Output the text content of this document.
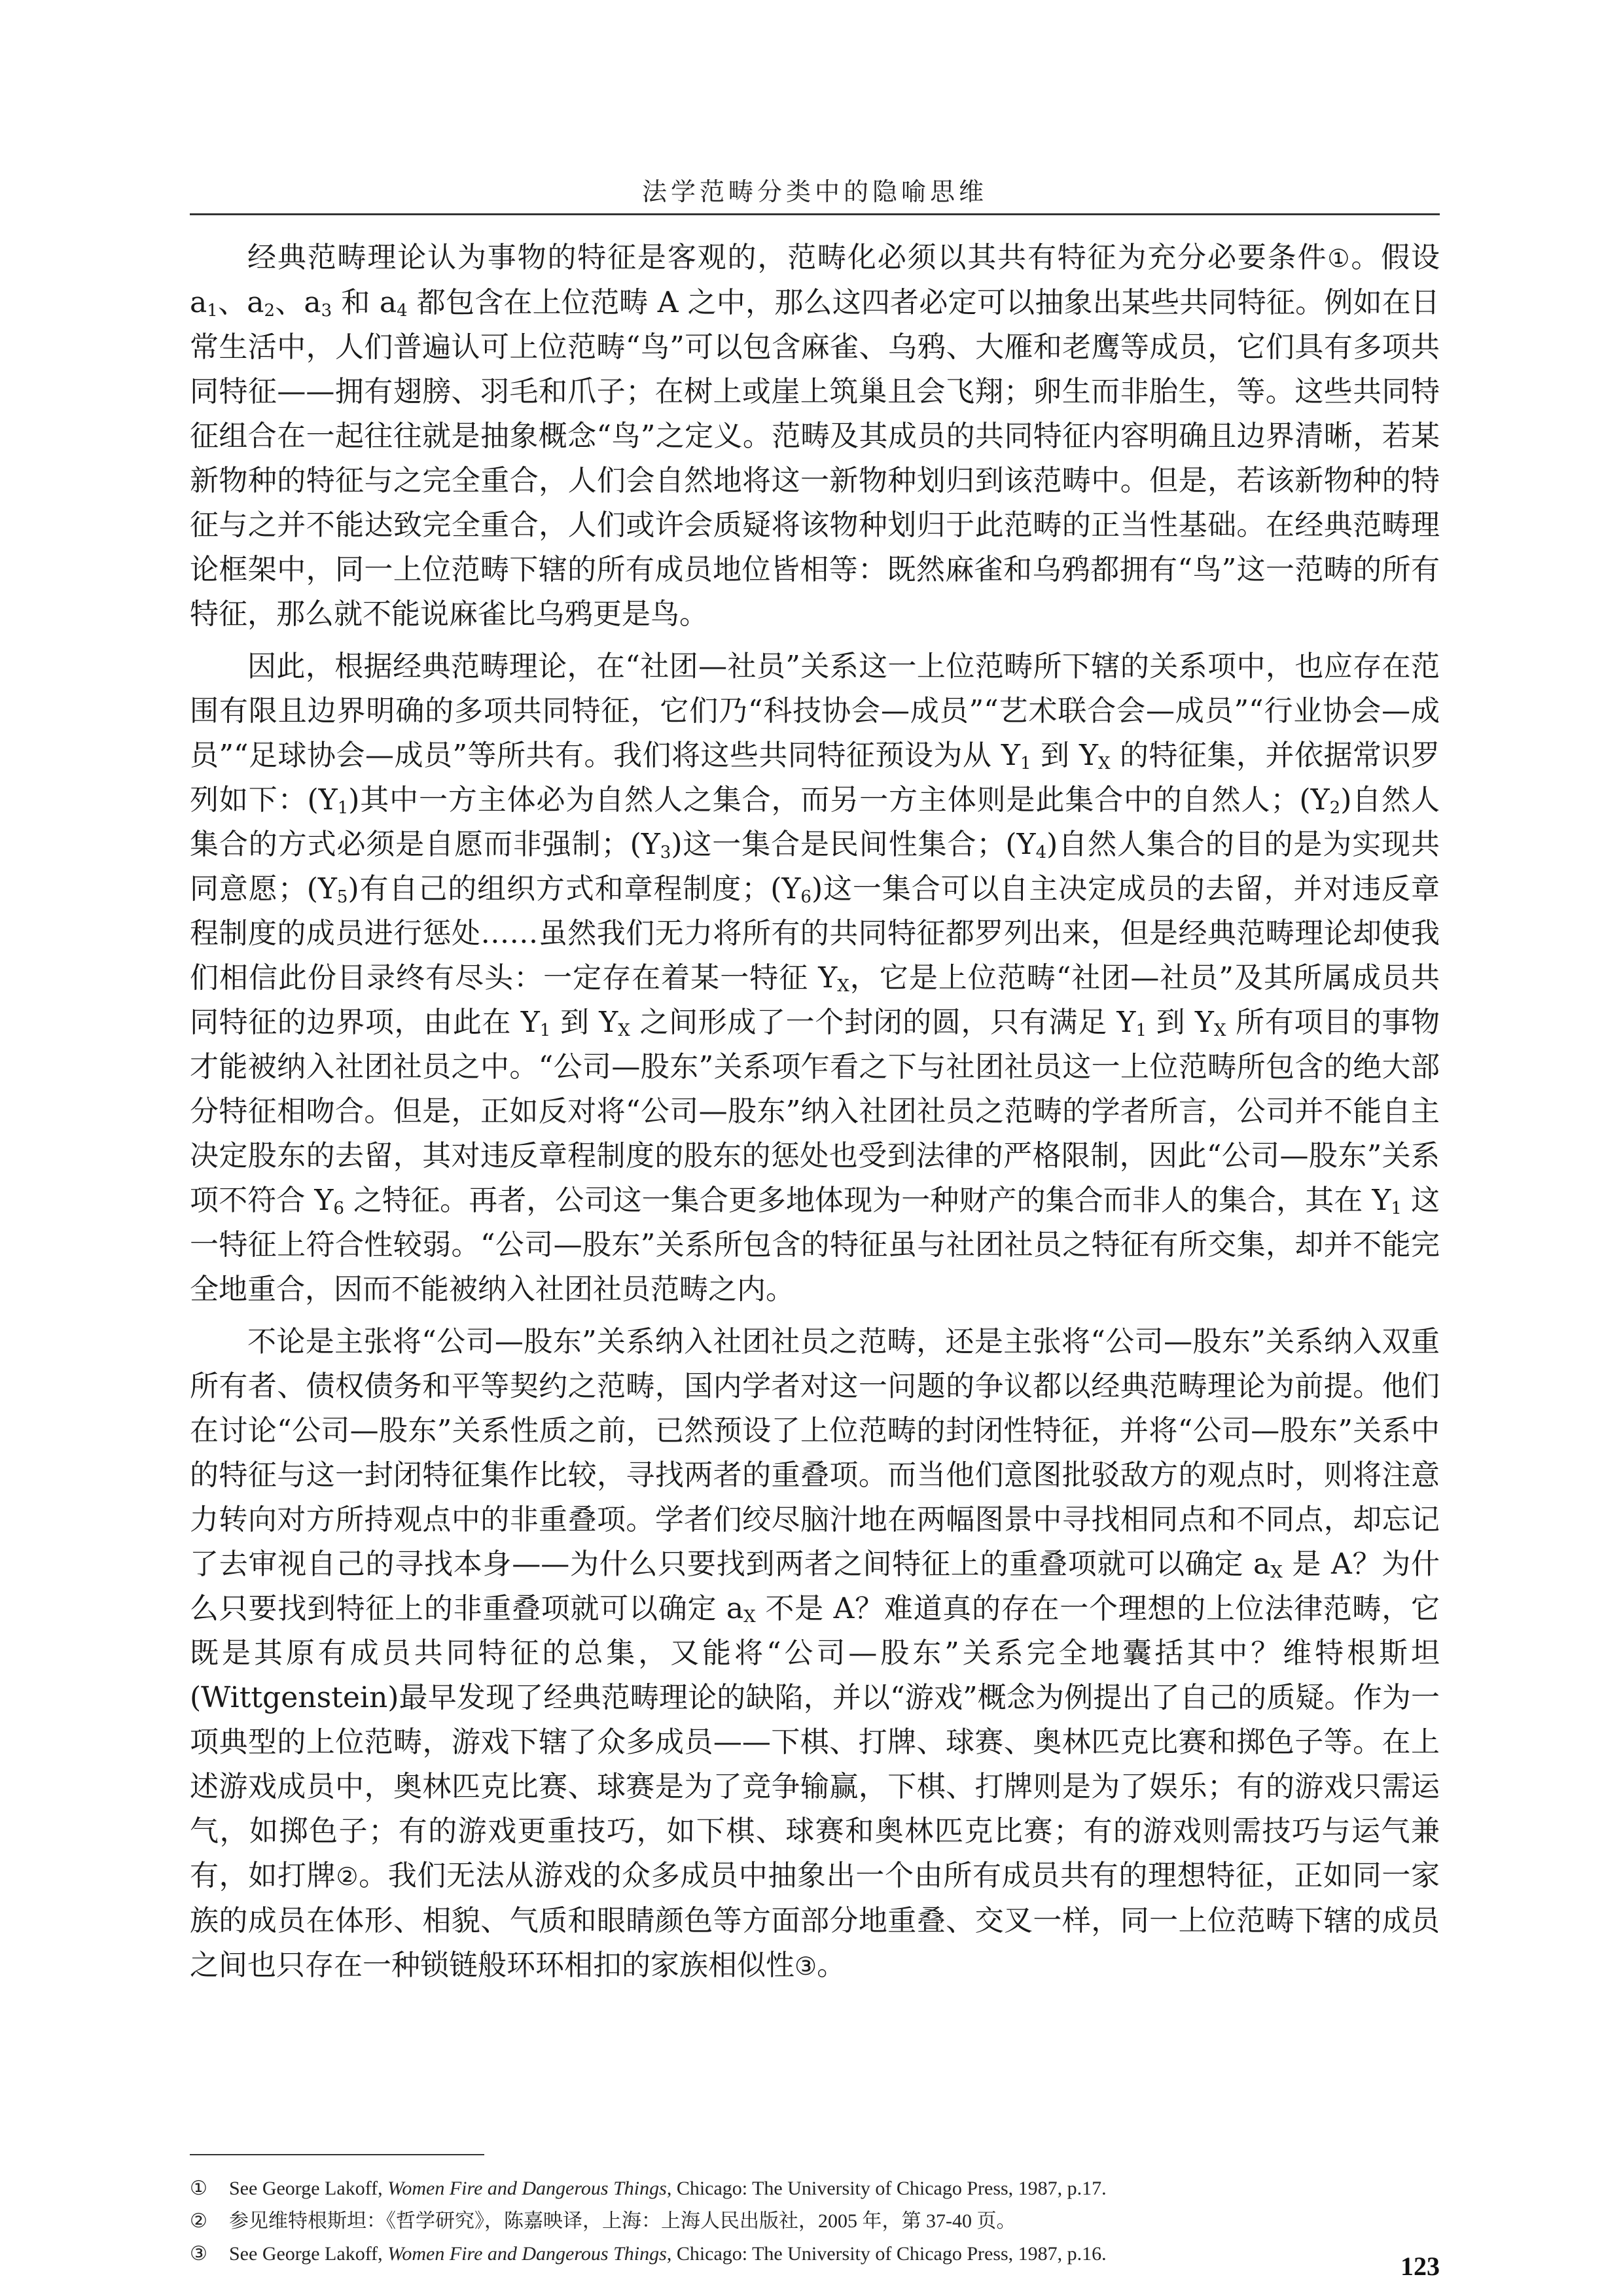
法学范畴分类中的隐喻思维

经典范畴理论认为事物的特征是客观的，范畴化必须以其共有特征为充分必要条件①。假设 $a_1$、$a_2$、$a_3$ 和 $a_4$ 都包含在上位范畴 A 之中，那么这四者必定可以抽象出某些共同特征。例如在日常生活中，人们普遍认可上位范畴“鸟”可以包含麻雀、乌鸦、大雁和老鹰等成员，它们具有多项共同特征——拥有翅膀、羽毛和爪子；在树上或崖上筑巢且会飞翔；卵生而非胎生，等。这些共同特征组合在一起往往就是抽象概念“鸟”之定义。范畴及其成员的共同特征内容明确且边界清晰，若某新物种的特征与之完全重合，人们会自然地将这一新物种划归到该范畴中。但是，若该新物种的特征与之并不能达致完全重合，人们或许会质疑将该物种划归于此范畴的正当性基础。在经典范畴理论框架中，同一上位范畴下辖的所有成员地位皆相等：既然麻雀和乌鸦都拥有“鸟”这一范畴的所有特征，那么就不能说麻雀比乌鸦更是鸟。

因此，根据经典范畴理论，在“社团—社员”关系这一上位范畴所下辖的关系项中，也应存在范围有限且边界明确的多项共同特征，它们乃“科技协会—成员”“艺术联合会—成员”“行业协会—成员”“足球协会—成员”等所共有。我们将这些共同特征预设为从 $Y_1$ 到 $Y_X$ 的特征集，并依据常识罗列如下：$(Y_1)$其中一方主体必为自然人之集合，而另一方主体则是此集合中的自然人；$(Y_2)$自然人集合的方式必须是自愿而非强制；$(Y_3)$这一集合是民间性集合；$(Y_4)$自然人集合的目的是为实现共同意愿；$(Y_5)$有自己的组织方式和章程制度；$(Y_6)$这一集合可以自主决定成员的去留，并对违反章程制度的成员进行惩处……虽然我们无力将所有的共同特征都罗列出来，但是经典范畴理论却使我们相信此份目录终有尽头：一定存在着某一特征 $Y_X$，它是上位范畴“社团—社员”及其所属成员共同特征的边界项，由此在 $Y_1$ 到 $Y_X$ 之间形成了一个封闭的圆，只有满足 $Y_1$ 到 $Y_X$ 所有项目的事物才能被纳入社团社员之中。“公司—股东”关系项乍看之下与社团社员这一上位范畴所包含的绝大部分特征相吻合。但是，正如反对将“公司—股东”纳入社团社员之范畴的学者所言，公司并不能自主决定股东的去留，其对违反章程制度的股东的惩处也受到法律的严格限制，因此“公司—股东”关系项不符合 $Y_6$ 之特征。再者，公司这一集合更多地体现为一种财产的集合而非人的集合，其在 $Y_1$ 这一特征上符合性较弱。“公司—股东”关系所包含的特征虽与社团社员之特征有所交集，却并不能完全地重合，因而不能被纳入社团社员范畴之内。

不论是主张将“公司—股东”关系纳入社团社员之范畴，还是主张将“公司—股东”关系纳入双重所有者、债权债务和平等契约之范畴，国内学者对这一问题的争议都以经典范畴理论为前提。他们在讨论“公司—股东”关系性质之前，已然预设了上位范畴的封闭性特征，并将“公司—股东”关系中的特征与这一封闭特征集作比较，寻找两者的重叠项。而当他们意图批驳敌方的观点时，则将注意力转向对方所持观点中的非重叠项。学者们绞尽脑汁地在两幅图景中寻找相同点和不同点，却忘记了去审视自己的寻找本身——为什么只要找到两者之间特征上的重叠项就可以确定 $a_X$ 是 A？为什么只要找到特征上的非重叠项就可以确定 $a_X$ 不是 A？难道真的存在一个理想的上位法律范畴，它既是其原有成员共同特征的总集，又能将“公司—股东”关系完全地囊括其中？维特根斯坦(Wittgenstein)最早发现了经典范畴理论的缺陷，并以“游戏”概念为例提出了自己的质疑。作为一项典型的上位范畴，游戏下辖了众多成员——下棋、打牌、球赛、奥林匹克比赛和掷色子等。在上述游戏成员中，奥林匹克比赛、球赛是为了竞争输赢，下棋、打牌则是为了娱乐；有的游戏只需运气，如掷色子；有的游戏更重技巧，如下棋、球赛和奥林匹克比赛；有的游戏则需技巧与运气兼有，如打牌②。我们无法从游戏的众多成员中抽象出一个由所有成员共有的理想特征，正如同一家族的成员在体形、相貌、气质和眼睛颜色等方面部分地重叠、交叉一样，同一上位范畴下辖的成员之间也只存在一种锁链般环环相扣的家族相似性③。

①	See George Lakoff, Women Fire and Dangerous Things, Chicago: The University of Chicago Press, 1987, p.17.
②	参见维特根斯坦：《哲学研究》，陈嘉映译，上海：上海人民出版社，2005 年，第 37-40 页。
③	See George Lakoff, Women Fire and Dangerous Things, Chicago: The University of Chicago Press, 1987, p.16.	123
